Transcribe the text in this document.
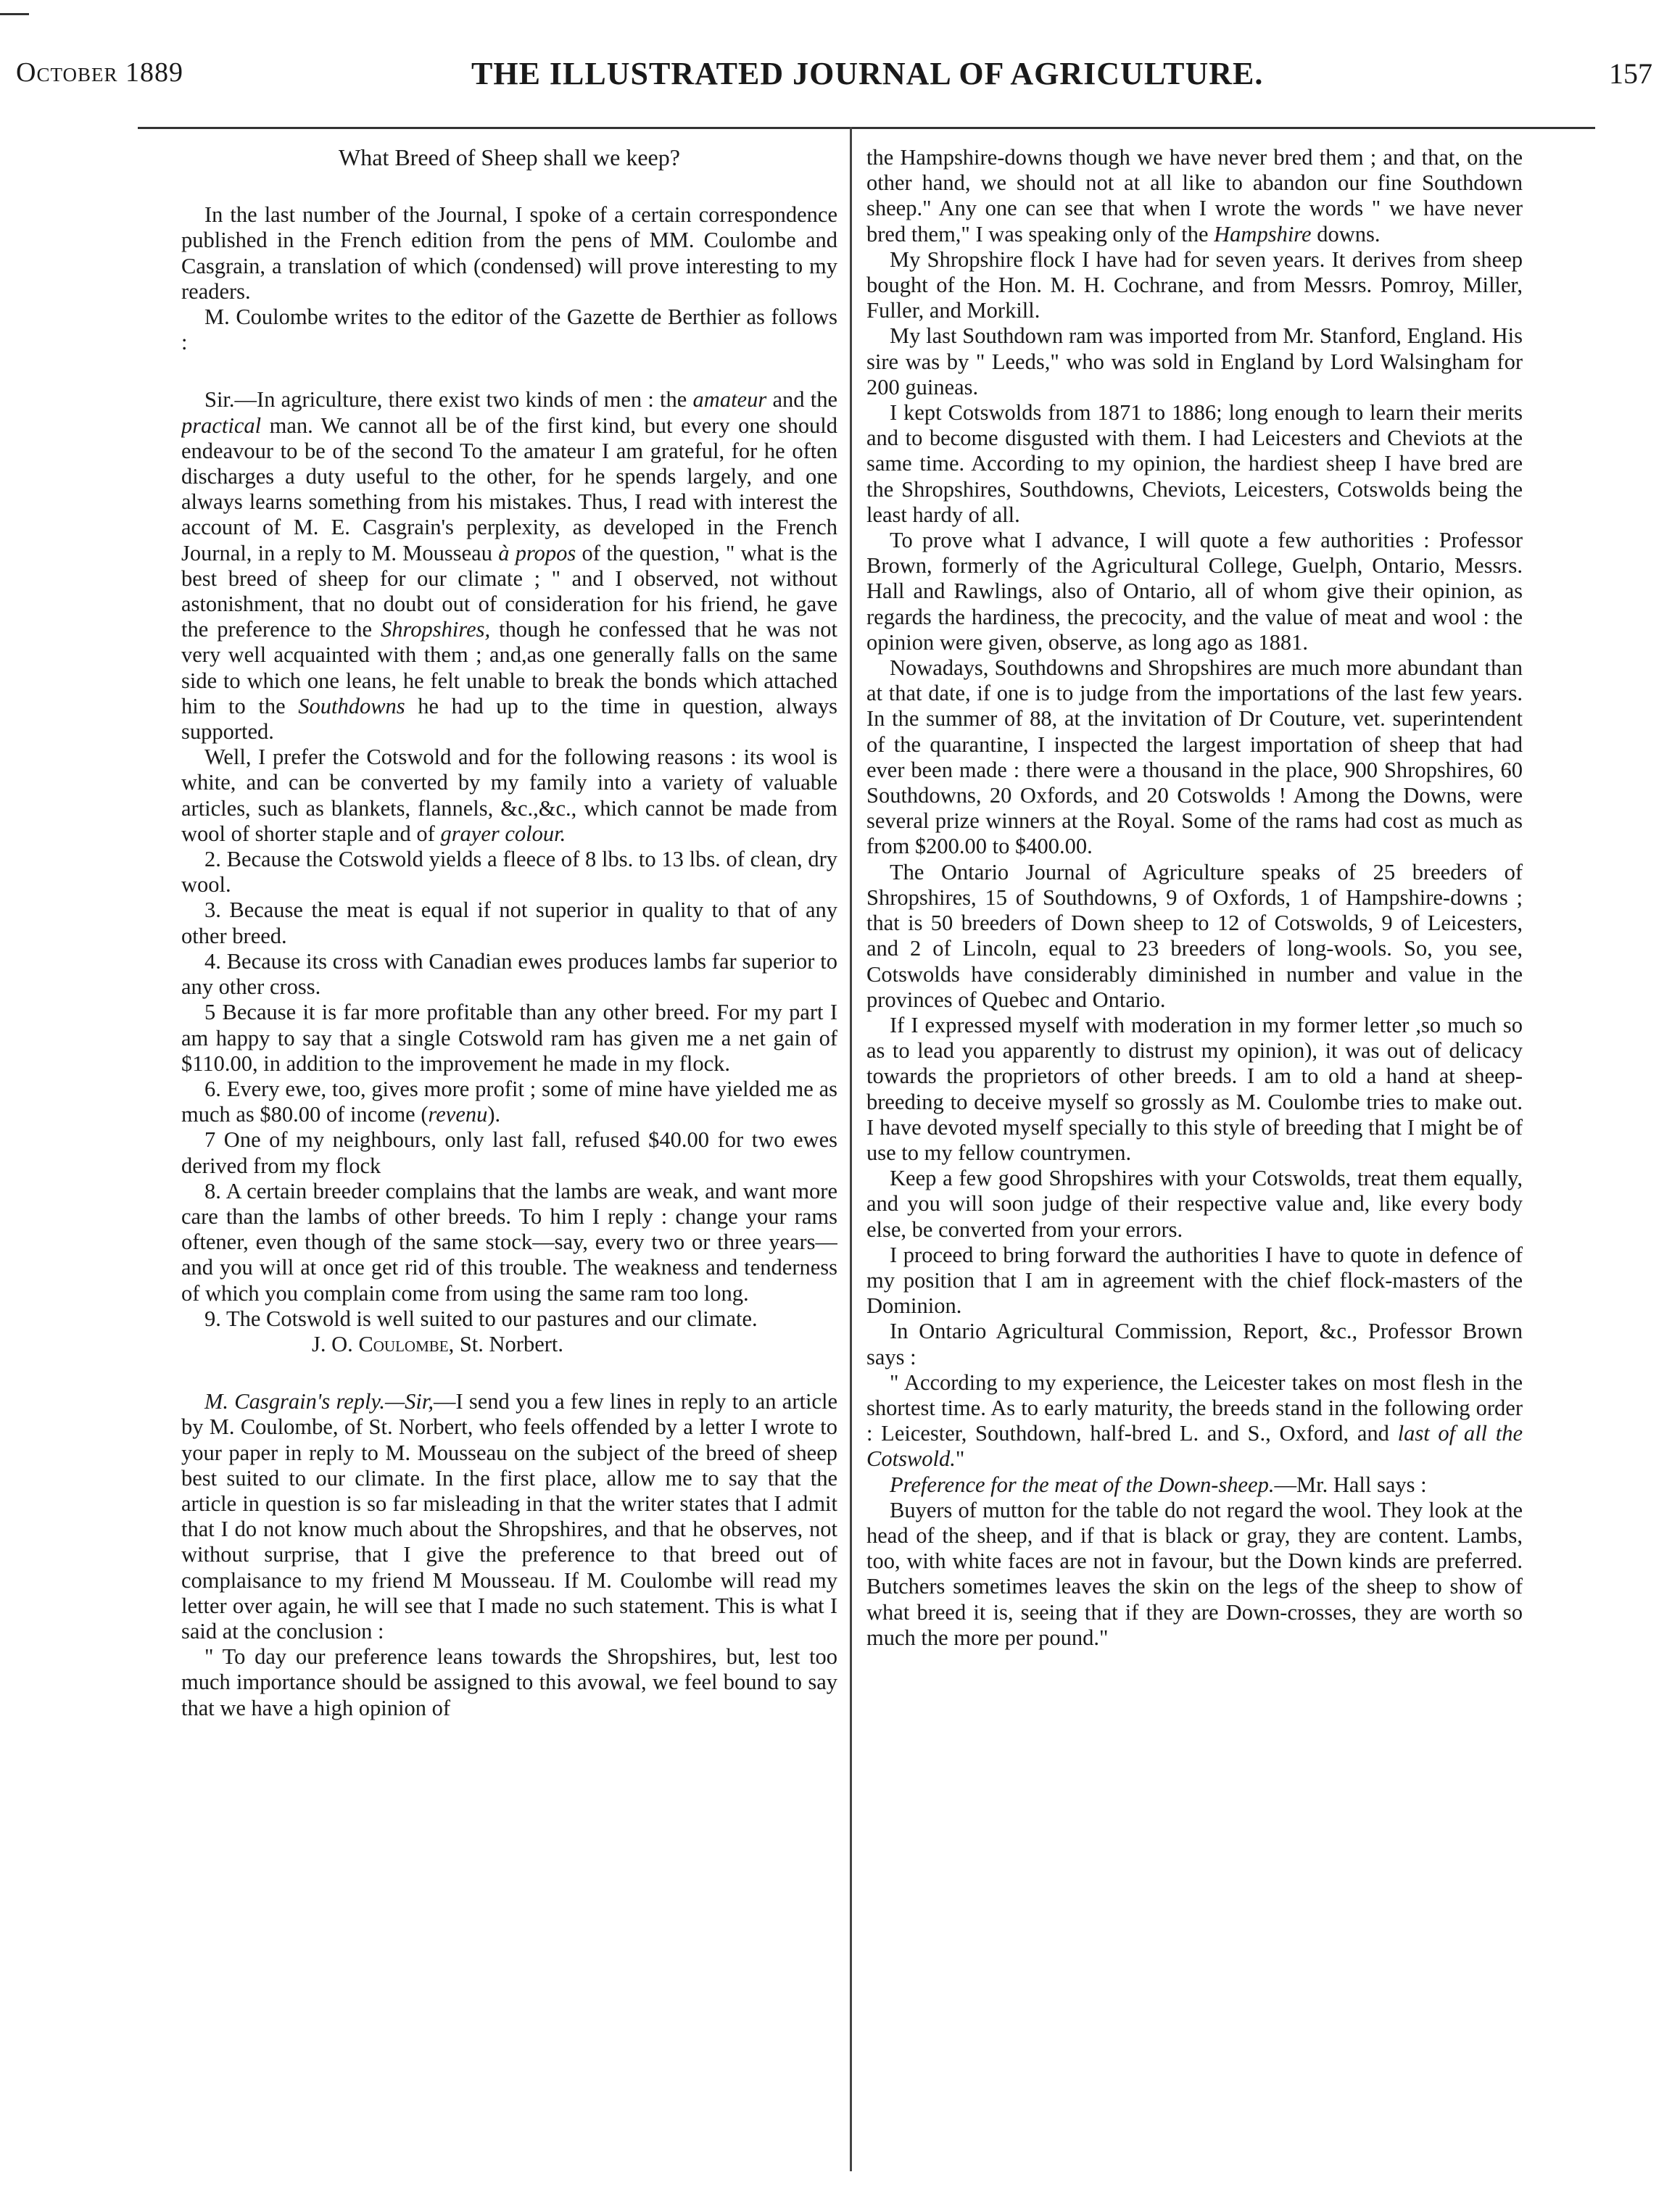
October 1889	THE ILLUSTRATED JOURNAL OF AGRICULTURE.	157

What Breed of Sheep shall we keep?

In the last number of the Journal, I spoke of a certain correspondence published in the French edition from the pens of MM. Coulombe and Casgrain, a translation of which (condensed) will prove interesting to my readers.

M. Coulombe writes to the editor of the Gazette de Berthier as follows :

Sir.—In agriculture, there exist two kinds of men : the amateur and the practical man. We cannot all be of the first kind, but every one should endeavour to be of the second To the amateur I am grateful, for he often discharges a duty useful to the other, for he spends largely, and one always learns something from his mistakes. Thus, I read with interest the account of M. E. Casgrain's perplexity, as developed in the French Journal, in a reply to M. Mousseau à propos of the question, " what is the best breed of sheep for our climate ; " and I observed, not without astonishment, that no doubt out of consideration for his friend, he gave the preference to the Shropshires, though he confessed that he was not very well acquainted with them ; and,as one generally falls on the same side to which one leans, he felt unable to break the bonds which attached him to the Southdowns he had up to the time in question, always supported.

Well, I prefer the Cotswold and for the following reasons : its wool is white, and can be converted by my family into a variety of valuable articles, such as blankets, flannels, &c.,&c., which cannot be made from wool of shorter staple and of grayer colour.

2. Because the Cotswold yields a fleece of 8 lbs. to 13 lbs. of clean, dry wool.

3. Because the meat is equal if not superior in quality to that of any other breed.

4. Because its cross with Canadian ewes produces lambs far superior to any other cross.

5 Because it is far more profitable than any other breed. For my part I am happy to say that a single Cotswold ram has given me a net gain of $110.00, in addition to the improvement he made in my flock.

6. Every ewe, too, gives more profit ; some of mine have yielded me as much as $80.00 of income (revenu).

7 One of my neighbours, only last fall, refused $40.00 for two ewes derived from my flock

8. A certain breeder complains that the lambs are weak, and want more care than the lambs of other breeds. To him I reply : change your rams oftener, even though of the same stock—say, every two or three years—and you will at once get rid of this trouble. The weakness and tenderness of which you complain come from using the same ram too long.

9. The Cotswold is well suited to our pastures and our climate.

J. O. Coulombe, St. Norbert.

M. Casgrain's reply.—Sir,—I send you a few lines in reply to an article by M. Coulombe, of St. Norbert, who feels offended by a letter I wrote to your paper in reply to M. Mousseau on the subject of the breed of sheep best suited to our climate. In the first place, allow me to say that the article in question is so far misleading in that the writer states that I admit that I do not know much about the Shropshires, and that he observes, not without surprise, that I give the preference to that breed out of complaisance to my friend M Mousseau. If M. Coulombe will read my letter over again, he will see that I made no such statement. This is what I said at the conclusion :

" To day our preference leans towards the Shropshires, but, lest too much importance should be assigned to this avowal, we feel bound to say that we have a high opinion of

the Hampshire-downs though we have never bred them ; and that, on the other hand, we should not at all like to abandon our fine Southdown sheep." Any one can see that when I wrote the words " we have never bred them," I was speaking only of the Hampshire downs.

My Shropshire flock I have had for seven years. It derives from sheep bought of the Hon. M. H. Cochrane, and from Messrs. Pomroy, Miller, Fuller, and Morkill.

My last Southdown ram was imported from Mr. Stanford, England. His sire was by " Leeds," who was sold in England by Lord Walsingham for 200 guineas.

I kept Cotswolds from 1871 to 1886; long enough to learn their merits and to become disgusted with them. I had Leicesters and Cheviots at the same time. According to my opinion, the hardiest sheep I have bred are the Shropshires, Southdowns, Cheviots, Leicesters, Cotswolds being the least hardy of all.

To prove what I advance, I will quote a few authorities : Professor Brown, formerly of the Agricultural College, Guelph, Ontario, Messrs. Hall and Rawlings, also of Ontario, all of whom give their opinion, as regards the hardiness, the precocity, and the value of meat and wool : the opinion were given, observe, as long ago as 1881.

Nowadays, Southdowns and Shropshires are much more abundant than at that date, if one is to judge from the importations of the last few years. In the summer of 88, at the invitation of Dr Couture, vet. superintendent of the quarantine, I inspected the largest importation of sheep that had ever been made : there were a thousand in the place, 900 Shropshires, 60 Southdowns, 20 Oxfords, and 20 Cotswolds ! Among the Downs, were several prize winners at the Royal. Some of the rams had cost as much as from $200.00 to $400.00.

The Ontario Journal of Agriculture speaks of 25 breeders of Shropshires, 15 of Southdowns, 9 of Oxfords, 1 of Hampshire-downs ; that is 50 breeders of Down sheep to 12 of Cotswolds, 9 of Leicesters, and 2 of Lincoln, equal to 23 breeders of long-wools. So, you see, Cotswolds have considerably diminished in number and value in the provinces of Quebec and Ontario.

If I expressed myself with moderation in my former letter ,so much so as to lead you apparently to distrust my opinion), it was out of delicacy towards the proprietors of other breeds. I am to old a hand at sheep-breeding to deceive myself so grossly as M. Coulombe tries to make out. I have devoted myself specially to this style of breeding that I might be of use to my fellow countrymen.

Keep a few good Shropshires with your Cotswolds, treat them equally, and you will soon judge of their respective value and, like every body else, be converted from your errors.

I proceed to bring forward the authorities I have to quote in defence of my position that I am in agreement with the chief flock-masters of the Dominion.

In Ontario Agricultural Commission, Report, &c., Professor Brown says :

" According to my experience, the Leicester takes on most flesh in the shortest time. As to early maturity, the breeds stand in the following order : Leicester, Southdown, half-bred L. and S., Oxford, and last of all the Cotswold."

Preference for the meat of the Down-sheep.—Mr. Hall says :

Buyers of mutton for the table do not regard the wool. They look at the head of the sheep, and if that is black or gray, they are content. Lambs, too, with white faces are not in favour, but the Down kinds are preferred. Butchers sometimes leaves the skin on the legs of the sheep to show of what breed it is, seeing that if they are Down-crosses, they are worth so much the more per pound."
